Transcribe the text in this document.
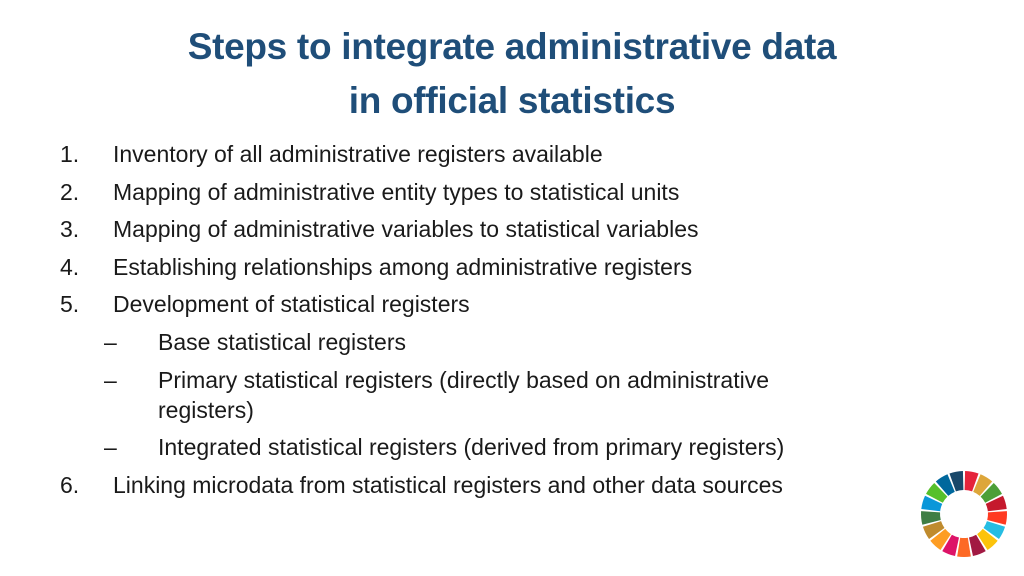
Steps to integrate administrative data
in official statistics
1.	Inventory of all administrative registers available
2.	Mapping of administrative entity types to statistical units
3.	Mapping of administrative variables to statistical variables
4.	Establishing relationships among administrative registers
5.	Development of statistical registers
–	Base statistical registers
–	Primary statistical registers (directly based on administrative
registers)
–	Integrated statistical registers (derived from primary registers)
6.	Linking microdata from statistical registers and other data sources
